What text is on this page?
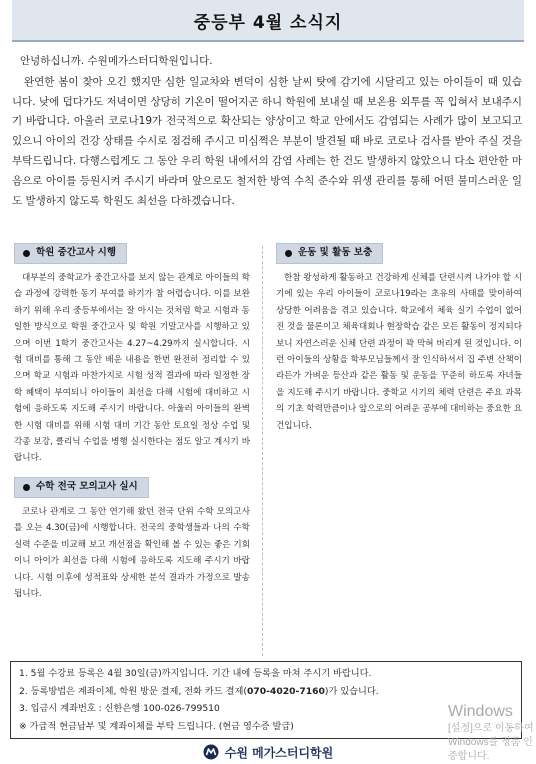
중등부 4월 소식지

안녕하십니까. 수원메가스터디학원입니다.

완연한 봄이 찾아 오긴 했지만 심한 일교차와 변덕이 심한 날씨 탓에 감기에 시달리고 있는 아이들이 때 있습니다. 낮에 덥다가도 저녁이면 상당히 기온이 떨어지곤 하니 학원에 보내실 때 보온용 외투를 꼭 입혀서 보내주시기 바랍니다. 아울러 코로나19가 전국적으로 확산되는 양상이고 학교 안에서도 감염되는 사례가 많이 보고되고 있으니 아이의 건강 상태를 수시로 점검해 주시고 미심쩍은 부분이 발견될 때 바로 코로나 검사를 받아 주실 것을 부탁드립니다. 다행스럽게도 그 동안 우리 학원 내에서의 감염 사례는 한 건도 발생하지 않았으니 다소 편안한 마음으로 아이를 등원시켜 주시기 바라며 앞으로도 철저한 방역 수칙 준수와 위생 관리를 통해 어떤 불미스러운 일도 발생하지 않도록 학원도 최선을 다하겠습니다.

학원 중간고사 시행

대부분의 중학교가 중간고사를 보지 않는 관계로 아이들의 학습 과정에 강력한 동기 부여를 하기가 참 어렵습니다. 이를 보완하기 위해 우리 중등부에서는 잘 아시는 것처럼 학교 시험과 동일한 방식으로 학원 중간고사 및 학원 기말고사를 시행하고 있으며 이번 1학기 중간고사는 4.27~4.29까지 실시합니다. 시험 대비를 통해 그 동안 배운 내용을 한번 완전히 정리할 수 있으며 학교 시험과 마찬가지로 시험 성적 결과에 따라 일정한 장학 혜택이 부여되니 아이들이 최선을 다해 시험에 대비하고 시험에 응하도록 지도해 주시기 바랍니다. 아울러 아이들의 완벽한 시험 대비를 위해 시험 대비 기간 동안 토요일 정상 수업 및 각종 보강, 클리닉 수업을 병행 실시한다는 점도 알고 계시기 바랍니다.

수학 전국 모의고사 실시

코로나 관계로 그 동안 연기해 왔던 전국 단위 수학 모의고사를 오는 4.30(금)에 시행합니다. 전국의 중학생들과 나의 수학 실력 수준을 비교해 보고 개선점을 확인해 볼 수 있는 좋은 기회이니 아이가 최선을 다해 시험에 응하도록 지도해 주시기 바랍니다. 시험 이후에 성적표와 상세한 분석 결과가 가정으로 발송됩니다.

운동 및 활동 보충

한참 왕성하게 활동하고 건강하게 신체를 단련시켜 나가야 할 시기에 있는 우리 아이들이 코로나19라는 초유의 사태를 맞이하여 상당한 어려움을 겪고 있습니다. 학교에서 체육 실기 수업이 없어진 것을 물론이고 체육대회나 현장학습 같은 모든 활동이 정지되다 보니 자연스러운 신체 단련 과정이 꽉 막혀 버리게 된 것입니다. 이런 아이들의 상황을 학부모님들께서 잘 인식하셔서 집 주변 산책이라든가 가벼운 등산과 같은 활동 및 운동을 꾸준히 하도록 자녀들을 지도해 주시기 바랍니다. 중학교 시기의 체력 단련은 주요 과목의 기초 학력만큼이나 앞으로의 어려운 공부에 대비하는 중요한 요건입니다.

1. 5월 수강료 등록은 4월 30일(금)까지입니다. 기간 내에 등록을 마쳐 주시기 바랍니다.
2. 등록방법은 계좌이체, 학원 방문 결제, 전화 카드 결제(070-4020-7160)가 있습니다.
3. 입금시 계좌번호 : 신한은행 100-026-799510
※ 가급적 현금납부 및 계좌이체를 부탁 드립니다. (현금 영수증 발급)
수원 메가스터디학원
Windows
[설정]으로 이동하여 Windows를 정품 인증합니다.
